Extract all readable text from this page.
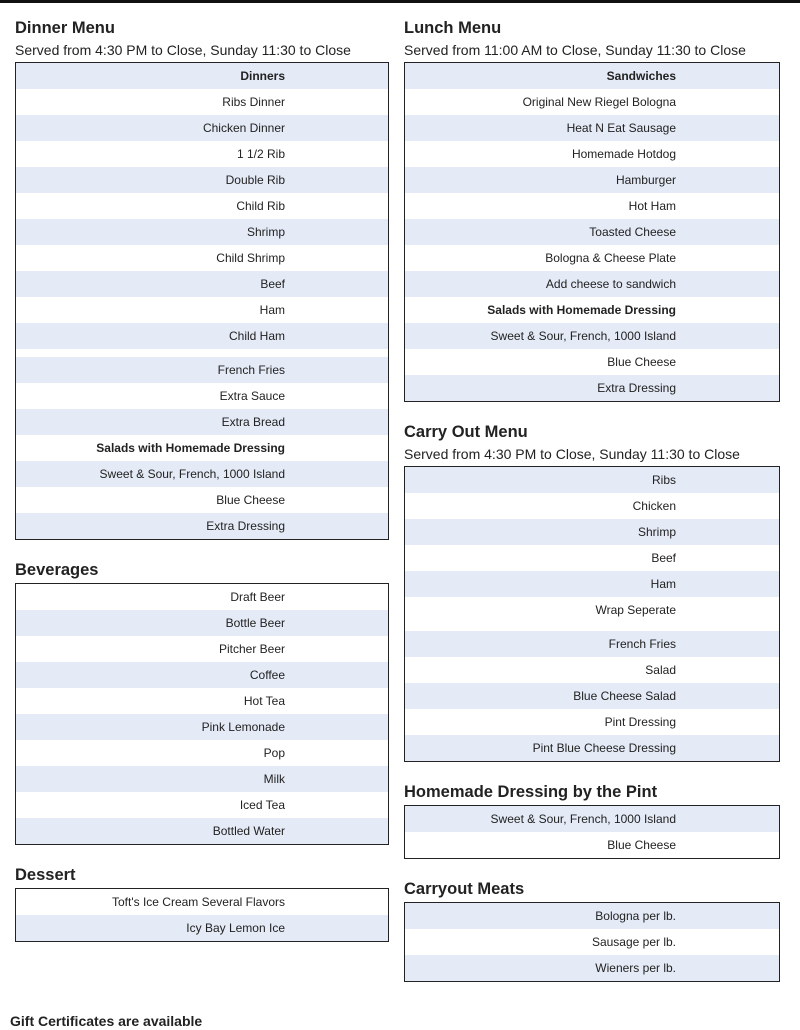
Dinner Menu

Served from 4:30 PM to Close, Sunday 11:30 to Close

Dinners
Ribs Dinner
Chicken Dinner
1 1/2 Rib
Double Rib
Child Rib
Shrimp
Child Shrimp
Beef
Ham
Child Ham
French Fries
Extra Sauce
Extra Bread
Salads with Homemade Dressing
Sweet & Sour, French, 1000 Island
Blue Cheese
Extra Dressing
Beverages
Draft Beer
Bottle Beer
Pitcher Beer
Coffee
Hot Tea
Pink Lemonade
Pop
Milk
Iced Tea
Bottled Water
Dessert
Toft's Ice Cream Several Flavors
Icy Bay Lemon Ice
Lunch Menu

Served from 11:00 AM to Close, Sunday 11:30 to Close

Sandwiches
Original New Riegel Bologna
Heat N Eat Sausage
Homemade Hotdog
Hamburger
Hot Ham
Toasted Cheese
Bologna & Cheese Plate
Add cheese to sandwich
Salads with Homemade Dressing
Sweet & Sour, French, 1000 Island
Blue Cheese
Extra Dressing
Carry Out Menu

Served from 4:30 PM to Close, Sunday 11:30 to Close

Ribs
Chicken
Shrimp
Beef
Ham
Wrap Seperate
French Fries
Salad
Blue Cheese Salad
Pint Dressing
Pint Blue Cheese Dressing
Homemade Dressing by the Pint
Sweet & Sour, French, 1000 Island
Blue Cheese
Carryout Meats
Bologna per lb.
Sausage per lb.
Wieners per lb.
Gift Certificates are available
